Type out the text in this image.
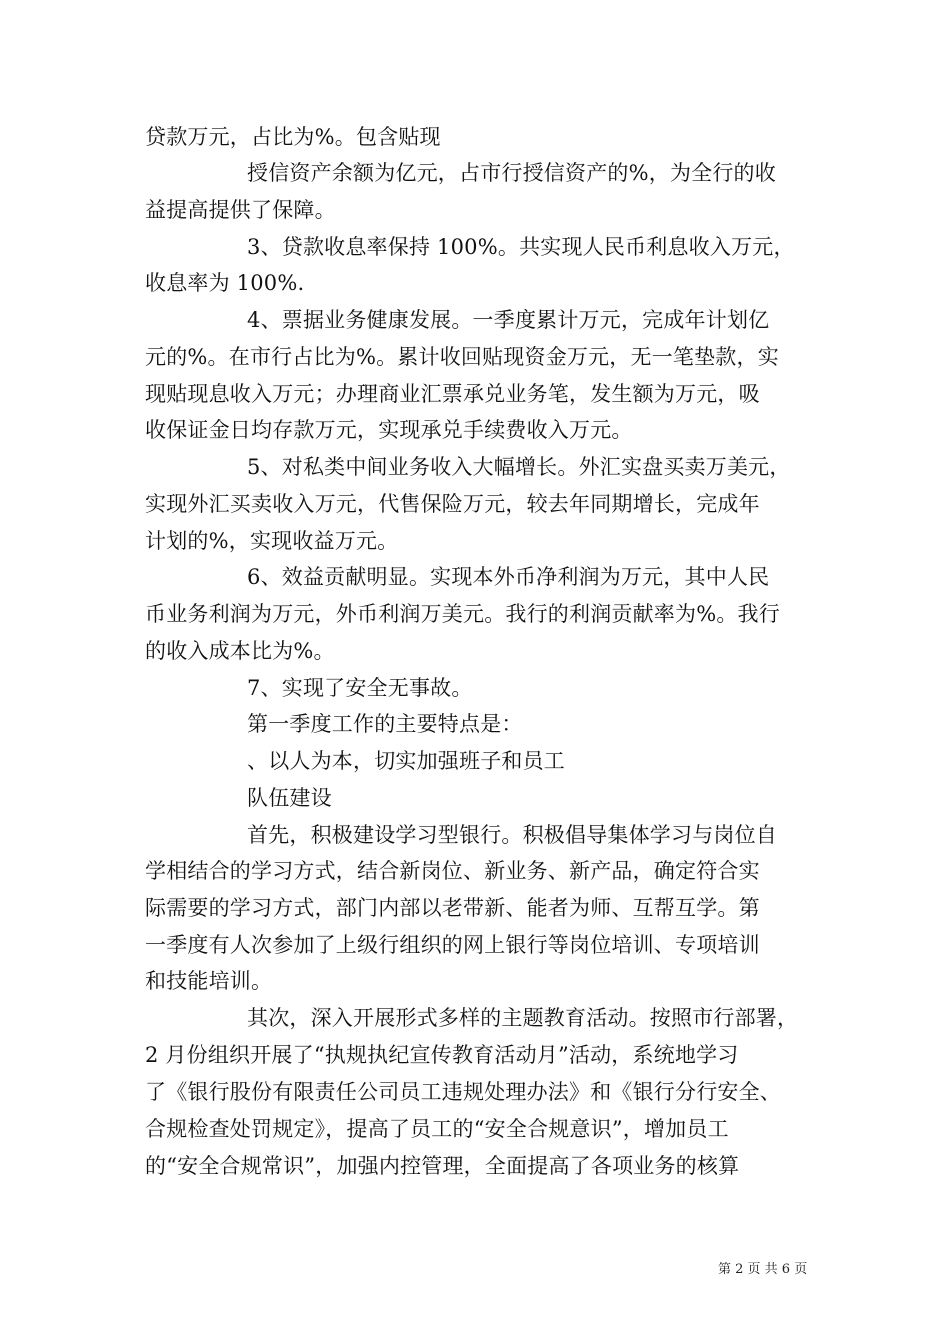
贷款万元，占比为%。包含贴现
授信资产余额为亿元，占市行授信资产的%，为全行的收
益提高提供了保障。
3、贷款收息率保持 100%。共实现人民币利息收入万元，
收息率为 100%.
4、票据业务健康发展。一季度累计万元，完成年计划亿
元的%。在市行占比为%。累计收回贴现资金万元，无一笔垫款，实
现贴现息收入万元；办理商业汇票承兑业务笔，发生额为万元，吸
收保证金日均存款万元，实现承兑手续费收入万元。
5、对私类中间业务收入大幅增长。外汇实盘买卖万美元，
实现外汇买卖收入万元，代售保险万元，较去年同期增长，完成年
计划的%，实现收益万元。
6、效益贡献明显。实现本外币净利润为万元，其中人民
币业务利润为万元，外币利润万美元。我行的利润贡献率为%。我行
的收入成本比为%。
7、实现了安全无事故。
第一季度工作的主要特点是：
、以人为本，切实加强班子和员工
队伍建设
首先，积极建设学习型银行。积极倡导集体学习与岗位自
学相结合的学习方式，结合新岗位、新业务、新产品，确定符合实
际需要的学习方式，部门内部以老带新、能者为师、互帮互学。第
一季度有人次参加了上级行组织的网上银行等岗位培训、专项培训
和技能培训。
其次，深入开展形式多样的主题教育活动。按照市行部署，
2 月份组织开展了“执规执纪宣传教育活动月”活动，系统地学习
了《银行股份有限责任公司员工违规处理办法》和《银行分行安全、
合规检查处罚规定》，提高了员工的“安全合规意识”，增加员工
的“安全合规常识”，加强内控管理，全面提高了各项业务的核算
第 2 页 共 6 页
